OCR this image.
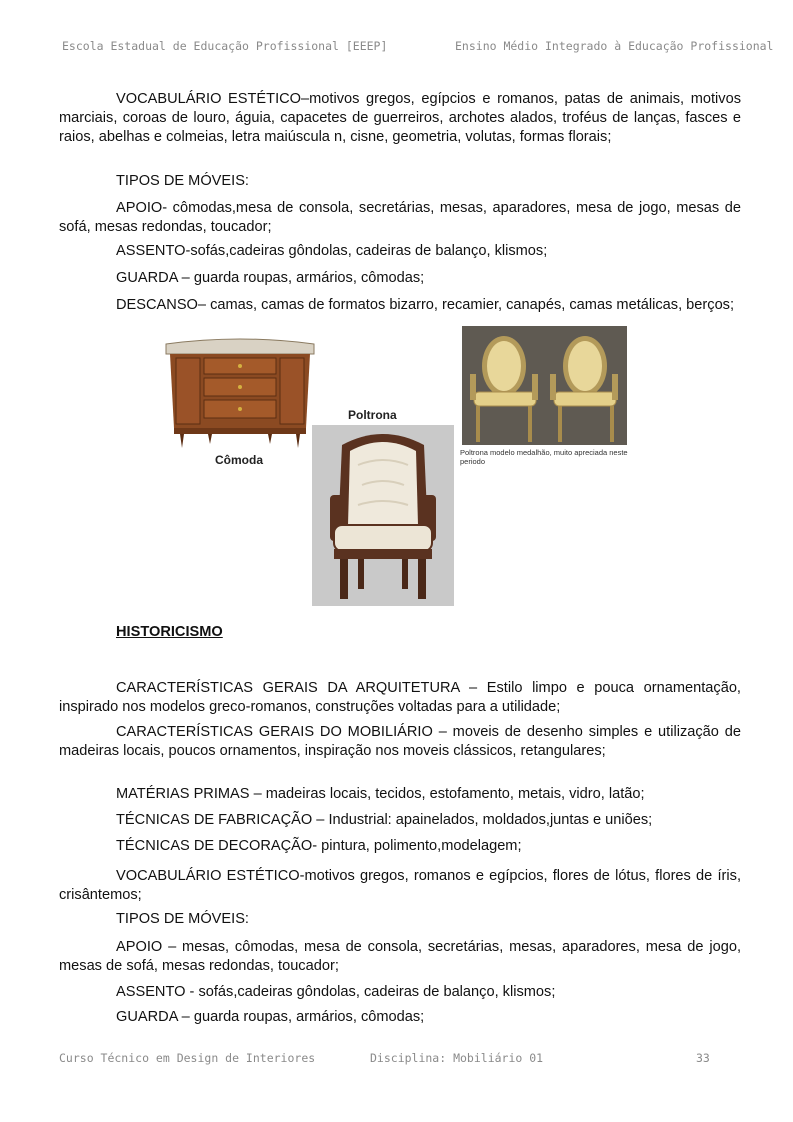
Escola Estadual de Educação Profissional [EEEP]	Ensino Médio Integrado à Educação Profissional

VOCABULÁRIO ESTÉTICO–motivos gregos, egípcios e romanos, patas de animais, motivos marciais, coroas de louro, águia, capacetes de guerreiros, archotes alados, troféus de lanças, fasces e raios, abelhas e colmeias, letra maiúscula n, cisne, geometria, volutas, formas florais;

TIPOS DE MÓVEIS:

APOIO- cômodas,mesa de consola, secretárias, mesas, aparadores, mesa de jogo, mesas de sofá, mesas redondas, toucador;

ASSENTO-sofás,cadeiras gôndolas, cadeiras de balanço, klismos;

GUARDA – guarda roupas, armários, cômodas;

DESCANSO– camas, camas de formatos bizarro, recamier, canapés, camas metálicas, berços;

Cômoda
Poltrona
Poltrona modelo medalhão, muito apreciada neste periodo
HISTORICISMO

CARACTERÍSTICAS GERAIS DA ARQUITETURA – Estilo limpo e pouca ornamentação, inspirado nos modelos greco-romanos, construções voltadas para a utilidade;

CARACTERÍSTICAS GERAIS DO MOBILIÁRIO – moveis de desenho simples e utilização de madeiras locais, poucos ornamentos, inspiração nos moveis clássicos, retangulares;

MATÉRIAS PRIMAS – madeiras locais, tecidos, estofamento, metais, vidro, latão;

TÉCNICAS DE FABRICAÇÃO – Industrial: apainelados, moldados,juntas e uniões;

TÉCNICAS DE DECORAÇÃO- pintura, polimento,modelagem;

VOCABULÁRIO ESTÉTICO-motivos gregos, romanos e egípcios, flores de lótus, flores de íris, crisântemos;

TIPOS DE MÓVEIS:

APOIO – mesas, cômodas, mesa de consola, secretárias, mesas, aparadores, mesa de jogo, mesas de sofá, mesas redondas, toucador;

ASSENTO - sofás,cadeiras gôndolas, cadeiras de balanço, klismos;

GUARDA – guarda roupas, armários, cômodas;

Curso Técnico em Design de Interiores	Disciplina: Mobiliário 01	33
